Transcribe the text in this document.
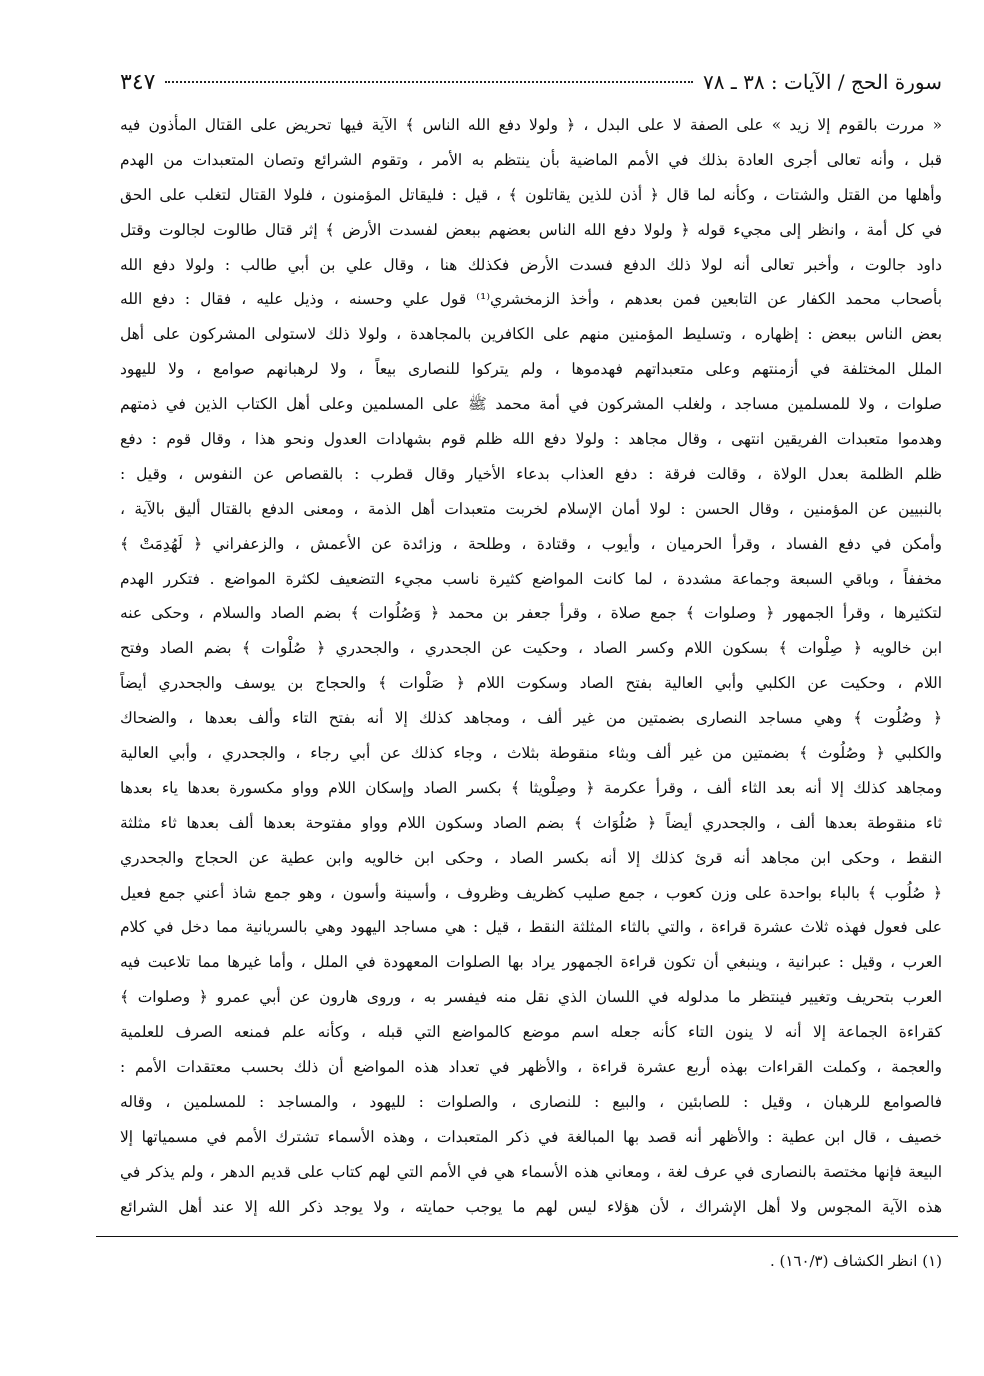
سورة الحج / الآيات : ٣٨ ـ ٧٨
٣٤٧
« مررت بالقوم إلا زيد » على الصفة لا على البدل ، ﴿ ولولا دفع الله الناس ﴾ الآية فيها تحريض على القتال المأذون فيه
قبل ، وأنه تعالى أجرى العادة بذلك في الأمم الماضية بأن ينتظم به الأمر ، وتقوم الشرائع وتصان المتعبدات من الهدم
وأهلها من القتل والشتات ، وكأنه لما قال ﴿ أذن للذين يقاتلون ﴾ ، قيل : فليقاتل المؤمنون ، فلولا القتال لتغلب على الحق
في كل أمة ، وانظر إلى مجيء قوله ﴿ ولولا دفع الله الناس بعضهم ببعض لفسدت الأرض ﴾ إثر قتال طالوت لجالوت وقتل
داود جالوت ، وأخبر تعالى أنه لولا ذلك الدفع فسدت الأرض فكذلك هنا ، وقال علي بن أبي طالب : ولولا دفع الله
بأصحاب محمد الكفار عن التابعين فمن بعدهم ، وأخذ الزمخشري⁽¹⁾ قول علي وحسنه ، وذيل عليه ، فقال : دفع الله
بعض الناس ببعض : إظهاره ، وتسليط المؤمنين منهم على الكافرين بالمجاهدة ، ولولا ذلك لاستولى المشركون على أهل
الملل المختلفة في أزمنتهم وعلى متعبداتهم فهدموها ، ولم يتركوا للنصارى بيعاً ، ولا لرهبانهم صوامع ، ولا لليهود
صلوات ، ولا للمسلمين مساجد ، ولغلب المشركون في أمة محمد ﷺ على المسلمين وعلى أهل الكتاب الذين في ذمتهم
وهدموا متعبدات الفريقين انتهى ، وقال مجاهد : ولولا دفع الله ظلم قوم بشهادات العدول ونحو هذا ، وقال قوم : دفع
ظلم الظلمة بعدل الولاة ، وقالت فرقة : دفع العذاب بدعاء الأخيار وقال قطرب : بالقصاص عن النفوس ، وقيل :
بالنبيين عن المؤمنين ، وقال الحسن : لولا أمان الإسلام لخربت متعبدات أهل الذمة ، ومعنى الدفع بالقتال أليق بالآية ،
وأمكن في دفع الفساد ، وقرأ الحرميان ، وأيوب ، وقتادة ، وطلحة ، وزائدة عن الأعمش ، والزعفراني ﴿ لَهُدِمَتْ ﴾
مخففاً ، وباقي السبعة وجماعة مشددة ، لما كانت المواضع كثيرة ناسب مجيء التضعيف لكثرة المواضع . فتكرر الهدم
لتكثيرها ، وقرأ الجمهور ﴿ وصلوات ﴾ جمع صلاة ، وقرأ جعفر بن محمد ﴿ وَصُلُوات ﴾ بضم الصاد والسلام ، وحكى عنه
ابن خالويه ﴿ صِلْوات ﴾ بسكون اللام وكسر الصاد ، وحكيت عن الجحدري ، والجحدري ﴿ صُلْوات ﴾ بضم الصاد وفتح
اللام ، وحكيت عن الكلبي وأبي العالية بفتح الصاد وسكوت اللام ﴿ صَلْوات ﴾ والحجاج بن يوسف والجحدري أيضاً
﴿ وصُلُوت ﴾ وهي مساجد النصارى بضمتين من غير ألف ، ومجاهد كذلك إلا أنه بفتح التاء وألف بعدها ، والضحاك
والكلبي ﴿ وصُلُوث ﴾ بضمتين من غير ألف وبثاء منقوطة بثلاث ، وجاء كذلك عن أبي رجاء ، والجحدري ، وأبي العالية
ومجاهد كذلك إلا أنه بعد الثاء ألف ، وقرأ عكرمة ﴿ وصِلْويثا ﴾ بكسر الصاد وإسكان اللام وواو مكسورة بعدها ياء بعدها
ثاء منقوطة بعدها ألف ، والجحدري أيضاً ﴿ صُلُوَاث ﴾ بضم الصاد وسكون اللام وواو مفتوحة بعدها ألف بعدها ثاء مثلثة
النقط ، وحكى ابن مجاهد أنه قرئ كذلك إلا أنه بكسر الصاد ، وحكى ابن خالويه وابن عطية عن الحجاج والجحدري
﴿ صُلُوب ﴾ بالباء بواحدة على وزن كعوب ، جمع صليب كظريف وظروف ، وأسينة وأسون ، وهو جمع شاذ أعني جمع فعيل
على فعول فهذه ثلاث عشرة قراءة ، والتي بالثاء المثلثة النقط ، قيل : هي مساجد اليهود وهي بالسريانية مما دخل في كلام
العرب ، وقيل : عبرانية ، وينبغي أن تكون قراءة الجمهور يراد بها الصلوات المعهودة في الملل ، وأما غيرها مما تلاعبت فيه
العرب بتحريف وتغيير فينتظر ما مدلوله في اللسان الذي نقل منه فيفسر به ، وروى هارون عن أبي عمرو ﴿ وصلوات ﴾
كقراءة الجماعة إلا أنه لا ينون التاء كأنه جعله اسم موضع كالمواضع التي قبله ، وكأنه علم فمنعه الصرف للعلمية
والعجمة ، وكملت القراءات بهذه أربع عشرة قراءة ، والأظهر في تعداد هذه المواضع أن ذلك بحسب معتقدات الأمم :
فالصوامع للرهبان ، وقيل : للصابئين ، والبيع : للنصارى ، والصلوات : لليهود ، والمساجد : للمسلمين ، وقاله
خصيف ، قال ابن عطية : والأظهر أنه قصد بها المبالغة في ذكر المتعبدات ، وهذه الأسماء تشترك الأمم في مسمياتها إلا
البيعة فإنها مختصة بالنصارى في عرف لغة ، ومعاني هذه الأسماء هي في الأمم التي لهم كتاب على قديم الدهر ، ولم يذكر في
هذه الآية المجوس ولا أهل الإشراك ، لأن هؤلاء ليس لهم ما يوجب حمايته ، ولا يوجد ذكر الله إلا عند أهل الشرائع
(١) انظر الكشاف (١٦٠/٣) .
